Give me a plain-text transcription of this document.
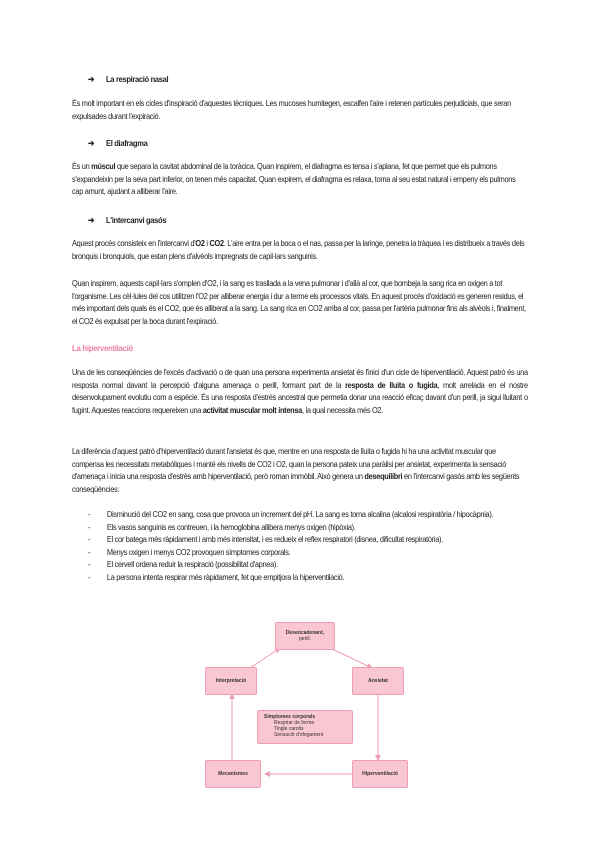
➔ La respiració nasal

És molt important en els cicles d'inspiració d'aquestes tècniques. Les mucoses humitegen, escalfen l'aire i retenen partícules perjudicials, que seran expulsades durant l'expiració.

➔ El diafragma

És un múscul que separa la cavitat abdominal de la toràcica. Quan inspirem, el diafragma es tensa i s'aplana, fet que permet que els pulmons s'expandeixin per la seva part inferior, on tenen més capacitat. Quan expirem, el diafragma es relaxa, torna al seu estat natural i empeny els pulmons cap amunt, ajudant a alliberar l'aire.

➔ L'intercanvi gasós

Aquest procés consisteix en l'intercanvi d'O2 i CO2. L'aire entra per la boca o el nas, passa per la laringe, penetra la tràquea i es distribueix a través dels bronquis i bronquiols, que estan plens d'alvèols impregnats de capil·lars sanguinis.

Quan inspirem, aquests capil·lars s'omplen d'O2, i la sang es trasllada a la vena pulmonar i d'allà al cor, que bombeja la sang rica en oxigen a tot l'organisme. Les cèl·lules del cos utilitzen l'O2 per alliberar energia i dur a terme els processos vitals. En aquest procés d'oxidació es generen residus, el més important dels quals és el CO2, que és alliberat a la sang. La sang rica en CO2 arriba al cor, passa per l'artèria pulmonar fins als alvèols i, finalment, el CO2 és expulsat per la boca durant l'expiració.

La hiperventilació

Una de les conseqüències de l'excés d'activació o de quan una persona experimenta ansietat és l'inici d'un cicle de hiperventilació. Aquest patró és una resposta normal davant la percepció d'alguna amenaça o perill, formant part de la resposta de lluita o fugida, molt arrelada en el nostre desenvolupament evolutiu com a espècie. És una resposta d'estrès ancestral que permetia donar una reacció eficaç davant d'un perill, ja sigui lluitant o fugint. Aquestes reaccions requereixen una activitat muscular molt intensa, la qual necessita més O2.

La diferència d'aquest patró d'hiperventilació durant l'ansietat és que, mentre en una resposta de lluita o fugida hi ha una activitat muscular que compensa les necessitats metabòliques i manté els nivells de CO2 i O2, quan la persona pateix una paràlisi per ansietat, experimenta la sensació d'amenaça i inicia una resposta d'estrès amb hiperventilació, però roman immòbil. Això genera un desequilibri en l'intercanvi gasós amb les següents conseqüències:

- Disminució del CO2 en sang, cosa que provoca un increment del pH. La sang es torna alcalina (alcalosi respiratòria / hipocàpnia).
- Els vasos sanguinis es contreuen, i la hemoglobina allibera menys oxigen (hipòxia).
- El cor batega més ràpidament i amb més intensitat, i es redueix el reflex respiratori (disnea, dificultat respiratòria).
- Menys oxigen i menys CO2 provoquen símptomes corporals.
- El cervell ordena reduir la respiració (possibilitat d'apnea).
- La persona intenta respirar més ràpidament, fet que empitjora la hiperventilació.
Desencadenant,
perill.
Interpretació	Ansietat
Símptomes corporals
Respirar de forma
Tingle carotis
Sensació d'ofegament
Mecanismes	Hiperventilació
